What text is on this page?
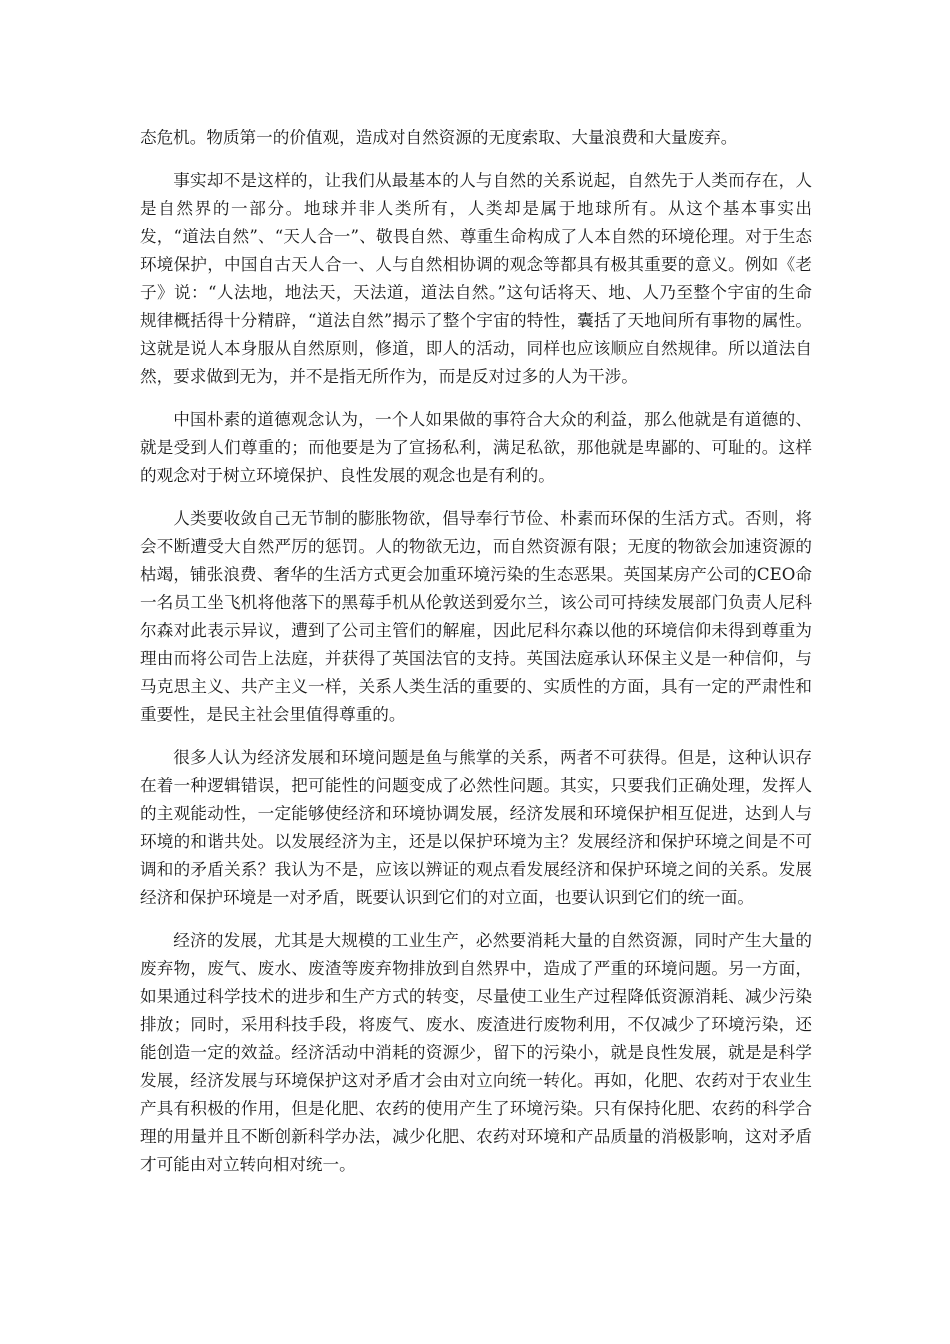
态危机。物质第一的价值观，造成对自然资源的无度索取、大量浪费和大量废弃。

事实却不是这样的，让我们从最基本的人与自然的关系说起，自然先于人类而存在，人是自然界的一部分。地球并非人类所有，人类却是属于地球所有。从这个基本事实出发，“道法自然”、“天人合一”、敬畏自然、尊重生命构成了人本自然的环境伦理。对于生态环境保护，中国自古天人合一、人与自然相协调的观念等都具有极其重要的意义。例如《老子》说：“人法地，地法天，天法道，道法自然。”这句话将天、地、人乃至整个宇宙的生命规律概括得十分精辟，“道法自然”揭示了整个宇宙的特性，囊括了天地间所有事物的属性。这就是说人本身服从自然原则，修道，即人的活动，同样也应该顺应自然规律。所以道法自然，要求做到无为，并不是指无所作为，而是反对过多的人为干涉。

中国朴素的道德观念认为，一个人如果做的事符合大众的利益，那么他就是有道德的、就是受到人们尊重的；而他要是为了宣扬私利，满足私欲，那他就是卑鄙的、可耻的。这样的观念对于树立环境保护、良性发展的观念也是有利的。

人类要收敛自己无节制的膨胀物欲，倡导奉行节俭、朴素而环保的生活方式。否则，将会不断遭受大自然严厉的惩罚。人的物欲无边，而自然资源有限；无度的物欲会加速资源的枯竭，铺张浪费、奢华的生活方式更会加重环境污染的生态恶果。英国某房产公司的CEO命一名员工坐飞机将他落下的黑莓手机从伦敦送到爱尔兰，该公司可持续发展部门负责人尼科尔森对此表示异议，遭到了公司主管们的解雇，因此尼科尔森以他的环境信仰未得到尊重为理由而将公司告上法庭，并获得了英国法官的支持。英国法庭承认环保主义是一种信仰，与马克思主义、共产主义一样，关系人类生活的重要的、实质性的方面，具有一定的严肃性和重要性，是民主社会里值得尊重的。

很多人认为经济发展和环境问题是鱼与熊掌的关系，两者不可获得。但是，这种认识存在着一种逻辑错误，把可能性的问题变成了必然性问题。其实，只要我们正确处理，发挥人的主观能动性，一定能够使经济和环境协调发展，经济发展和环境保护相互促进，达到人与环境的和谐共处。以发展经济为主，还是以保护环境为主？发展经济和保护环境之间是不可调和的矛盾关系？我认为不是，应该以辨证的观点看发展经济和保护环境之间的关系。发展经济和保护环境是一对矛盾，既要认识到它们的对立面，也要认识到它们的统一面。

经济的发展，尤其是大规模的工业生产，必然要消耗大量的自然资源，同时产生大量的废弃物，废气、废水、废渣等废弃物排放到自然界中，造成了严重的环境问题。另一方面，如果通过科学技术的进步和生产方式的转变，尽量使工业生产过程降低资源消耗、减少污染排放；同时，采用科技手段，将废气、废水、废渣进行废物利用，不仅减少了环境污染，还能创造一定的效益。经济活动中消耗的资源少，留下的污染小，就是良性发展，就是是科学发展，经济发展与环境保护这对矛盾才会由对立向统一转化。再如，化肥、农药对于农业生产具有积极的作用，但是化肥、农药的使用产生了环境污染。只有保持化肥、农药的科学合理的用量并且不断创新科学办法，减少化肥、农药对环境和产品质量的消极影响，这对矛盾才可能由对立转向相对统一。
